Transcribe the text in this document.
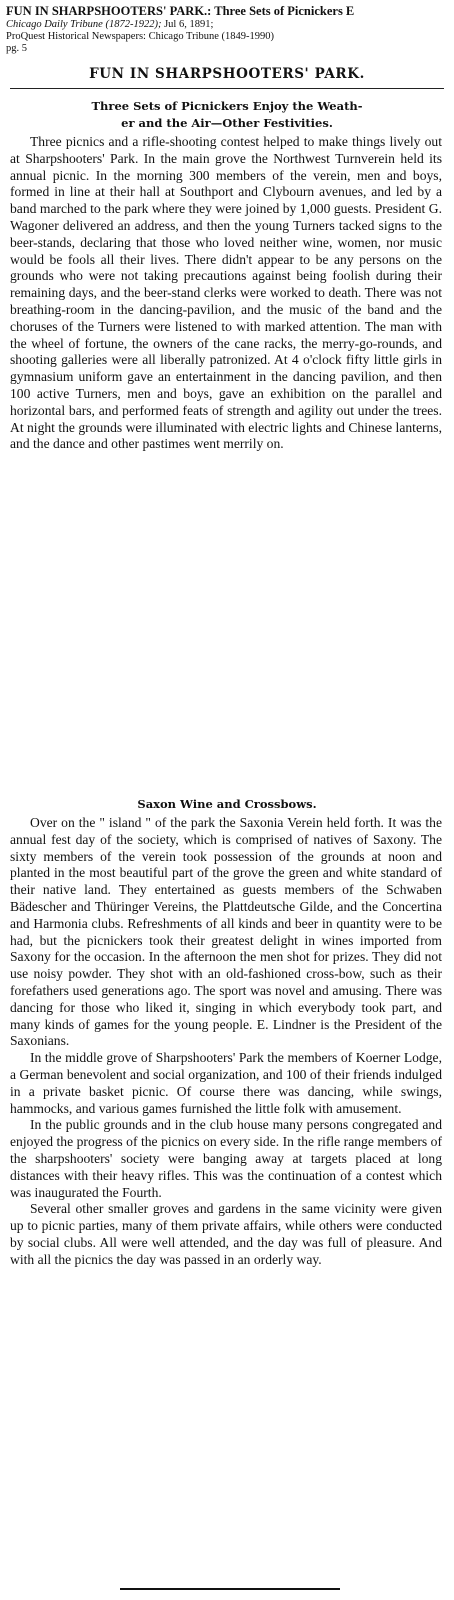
FUN IN SHARPSHOOTERS' PARK.: Three Sets of Picnickers E
Chicago Daily Tribune (1872-1922); Jul 6, 1891;
ProQuest Historical Newspapers: Chicago Tribune (1849-1990)
pg. 5
FUN IN SHARPSHOOTERS' PARK.
Three Sets of Picnickers Enjoy the Weath-
er and the Air—Other Festivities.

Three picnics and a rifle-shooting contest helped to make things lively out at Sharpshooters' Park. In the main grove the Northwest Turnverein held its annual picnic. In the morning 300 members of the verein, men and boys, formed in line at their hall at Southport and Clybourn avenues, and led by a band marched to the park where they were joined by 1,000 guests. President G. Wagoner delivered an address, and then the young Turners tacked signs to the beer-stands, declaring that those who loved neither wine, women, nor music would be fools all their lives. There didn't appear to be any persons on the grounds who were not taking precautions against being foolish during their remaining days, and the beer-stand clerks were worked to death. There was not breathing-room in the dancing-pavilion, and the music of the band and the choruses of the Turners were listened to with marked attention. The man with the wheel of fortune, the owners of the cane racks, the merry-go-rounds, and shooting galleries were all liberally patronized. At 4 o'clock fifty little girls in gymnasium uniform gave an entertainment in the dancing pavilion, and then 100 active Turners, men and boys, gave an exhibition on the parallel and horizontal bars, and performed feats of strength and agility out under the trees. At night the grounds were illuminated with electric lights and Chinese lanterns, and the dance and other pastimes went merrily on.

Saxon Wine and Crossbows.

Over on the " island " of the park the Saxonia Verein held forth. It was the annual fest day of the society, which is comprised of natives of Saxony. The sixty members of the verein took possession of the grounds at noon and planted in the most beautiful part of the grove the green and white standard of their native land. They entertained as guests members of the Schwaben Bädescher and Thüringer Vereins, the Plattdeutsche Gilde, and the Concertina and Harmonia clubs. Refreshments of all kinds and beer in quantity were to be had, but the picnickers took their greatest delight in wines imported from Saxony for the occasion. In the afternoon the men shot for prizes. They did not use noisy powder. They shot with an old-fashioned cross-bow, such as their forefathers used generations ago. The sport was novel and amusing. There was dancing for those who liked it, singing in which everybody took part, and many kinds of games for the young people. E. Lindner is the President of the Saxonians.

In the middle grove of Sharpshooters' Park the members of Koerner Lodge, a German benevolent and social organization, and 100 of their friends indulged in a private basket picnic. Of course there was dancing, while swings, hammocks, and various games furnished the little folk with amusement.

In the public grounds and in the club house many persons congregated and enjoyed the progress of the picnics on every side. In the rifle range members of the sharpshooters' society were banging away at targets placed at long distances with their heavy rifles. This was the continuation of a contest which was inaugurated the Fourth.

Several other smaller groves and gardens in the same vicinity were given up to picnic parties, many of them private affairs, while others were conducted by social clubs. All were well attended, and the day was full of pleasure. And with all the picnics the day was passed in an orderly way.
